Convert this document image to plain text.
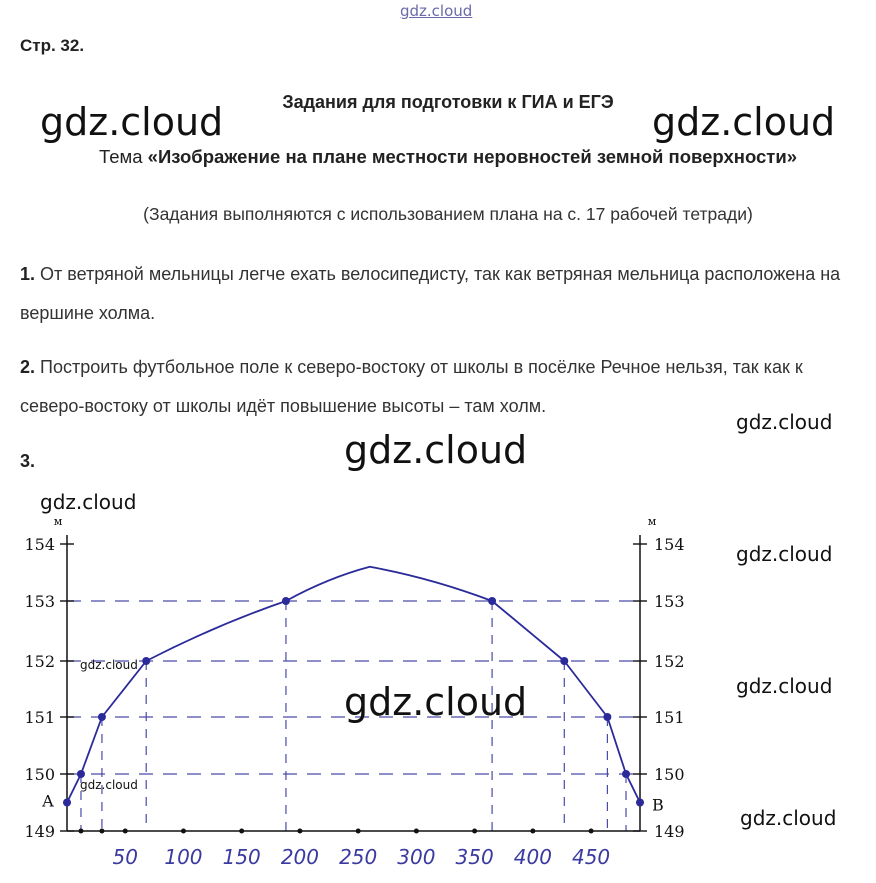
gdz.cloud
Стр. 32.
Задания для подготовки к ГИА и ЕГЭ
Тема «Изображение на плане местности неровностей земной поверхности»
(Задания выполняются с использованием плана на с. 17 рабочей тетради)
1. От ветряной мельницы легче ехать велосипедисту, так как ветряная мельница расположена на вершине холма.
2. Построить футбольное поле к северо-востоку от школы в посёлке Речное нельзя, так как к северо-востоку от школы идёт повышение высоты – там холм.
3.
149	149
150	150
151	151
152	152
153	153
154	154
м	м
50 100 150 200 250 300 350 400 450
А	В
gdz.cloud	gdz.cloud
gdz.cloud
gdz.cloud
gdz.cloud
gdz.cloud
gdz.cloud
gdz.cloud
gdz.cloud
gdz.cloud
gdz.cloud
